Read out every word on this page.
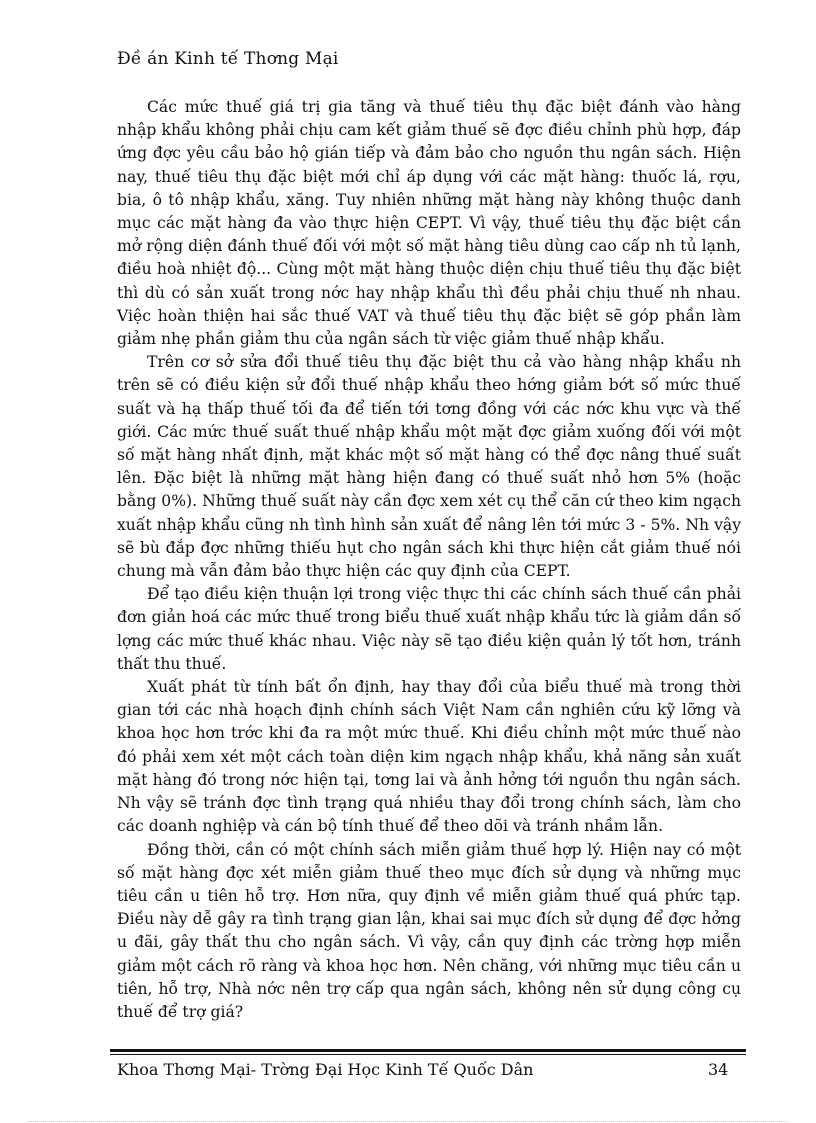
Đề án Kinh tế Thơng Mại

Các mức thuế giá trị gia tăng và thuế tiêu thụ đặc biệt đánh vào hàng nhập khẩu không phải chịu cam kết giảm thuế sẽ đợc điều chỉnh phù hợp, đáp ứng đợc yêu cầu bảo hộ gián tiếp và đảm bảo cho nguồn thu ngân sách. Hiện nay, thuế tiêu thụ đặc biệt mới chỉ áp dụng với các mặt hàng: thuốc lá, rợu, bia, ô tô nhập khẩu, xăng. Tuy nhiên những mặt hàng này không thuộc danh mục các mặt hàng đa vào thực hiện CEPT. Vì vậy, thuế tiêu thụ đặc biệt cần mở rộng diện đánh thuế đối với một số mặt hàng tiêu dùng cao cấp nh tủ lạnh, điều hoà nhiệt độ... Cùng một mặt hàng thuộc diện chịu thuế tiêu thụ đặc biệt thì dù có sản xuất trong nớc hay nhập khẩu thì đều phải chịu thuế nh nhau. Việc hoàn thiện hai sắc thuế VAT và thuế tiêu thụ đặc biệt sẽ góp phần làm giảm nhẹ phần giảm thu của ngân sách từ việc giảm thuế nhập khẩu.

Trên cơ sở sửa đổi thuế tiêu thụ đặc biệt thu cả vào hàng nhập khẩu nh trên sẽ có điều kiện sử đổi thuế nhập khẩu theo hớng giảm bớt số mức thuế suất và hạ thấp thuế tối đa để tiến tới tơng đồng với các nớc khu vực và thế giới. Các mức thuế suất thuế nhập khẩu một mặt đợc giảm xuống đối với một số mặt hàng nhất định, mặt khác một số mặt hàng có thể đợc nâng thuế suất lên. Đặc biệt là những mặt hàng hiện đang có thuế suất nhỏ hơn 5% (hoặc bằng 0%). Những thuế suất này cần đợc xem xét cụ thể căn cứ theo kim ngạch xuất nhập khẩu cũng nh tình hình sản xuất để nâng lên tới mức 3 - 5%. Nh vậy sẽ bù đắp đợc những thiếu hụt cho ngân sách khi thực hiện cắt giảm thuế nói chung mà vẫn đảm bảo thực hiện các quy định của CEPT.

Để tạo điều kiện thuận lợi trong việc thực thi các chính sách thuế cần phải đơn giản hoá các mức thuế trong biểu thuế xuất nhập khẩu tức là giảm dần số lợng các mức thuế khác nhau. Việc này sẽ tạo điều kiện quản lý tốt hơn, tránh thất thu thuế.

Xuất phát từ tính bất ổn định, hay thay đổi của biểu thuế mà trong thời gian tới các nhà hoạch định chính sách Việt Nam cần nghiên cứu kỹ lỡng và khoa học hơn trớc khi đa ra một mức thuế. Khi điều chỉnh một mức thuế nào đó phải xem xét một cách toàn diện kim ngạch nhập khẩu, khả năng sản xuất mặt hàng đó trong nớc hiện tại, tơng lai và ảnh hởng tới nguồn thu ngân sách. Nh vậy sẽ tránh đợc tình trạng quá nhiều thay đổi trong chính sách, làm cho các doanh nghiệp và cán bộ tính thuế để theo dõi và tránh nhầm lẫn.

Đồng thời, cần có một chính sách miễn giảm thuế hợp lý. Hiện nay có một số mặt hàng đợc xét miễn giảm thuế theo mục đích sử dụng và những mục tiêu cần u tiên hỗ trợ. Hơn nữa, quy định về miễn giảm thuế quá phức tạp. Điều này dễ gây ra tình trạng gian lận, khai sai mục đích sử dụng để đợc hởng u đãi, gây thất thu cho ngân sách. Vì vậy, cần quy định các trờng hợp miễn giảm một cách rõ ràng và khoa học hơn. Nên chăng, với những mục tiêu cần u tiên, hỗ trợ, Nhà nớc nên trợ cấp qua ngân sách, không nên sử dụng công cụ thuế để trợ giá?

Khoa Thơng Mại- Trờng Đại Học Kinh Tế Quốc Dân	34
